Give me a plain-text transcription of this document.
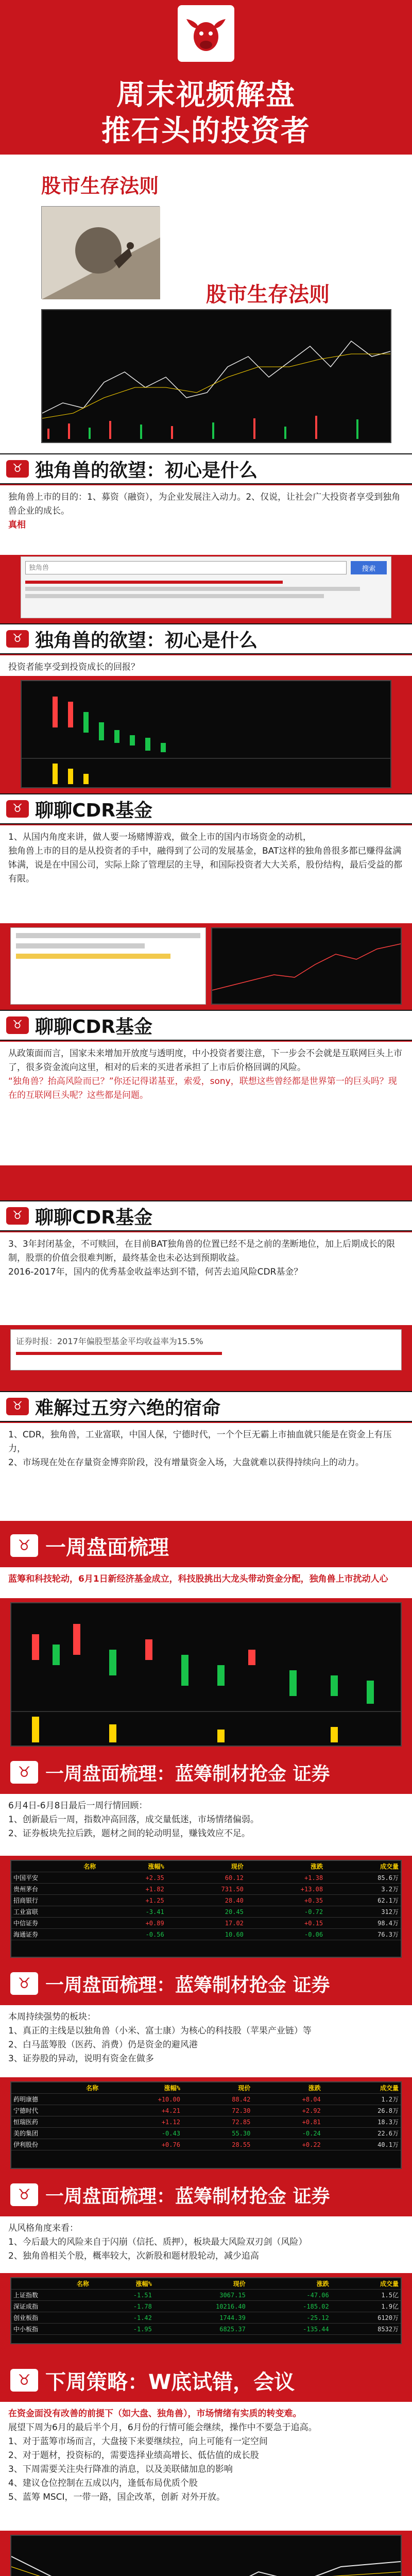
周末视频解盘
推石头的投资者
股市生存法则
股市生存法则
♉ 独角兽的欲望：初心是什么
独角兽上市的目的：1、募资（融资），为企业发展注入动力。2、仅说，让社会广大投资者享受到独角兽企业的成长。
真相
独角兽
搜索
♉ 独角兽的欲望：初心是什么
投资者能享受到投资成长的回报？
♉ 聊聊CDR基金
1、从国内角度来讲，做人要一场赌博游戏，做全上市的国内市场资金的动机，
独角兽上市的目的是从投资者的手中，融得到了公司的发展基金，BAT这样的独角兽很多都已赚得盆满钵满，说是在中国公司，实际上除了管理层的主导，和国际投资者大大关系，股份结构，最后受益的都有限。
♉ 聊聊CDR基金
从政策面而言，国家未来增加开放度与透明度，中小投资者要注意，下一步会不会就是互联网巨头上市了，很多资金流向这里，相对的后来的买进者承担了上市后价格回调的风险。
“独角兽？抬高风险而已？”你还记得诺基亚，索爱，sony，联想这些曾经都是世界第一的巨头吗？现在的互联网巨头呢？这些都是问题。
♉ 聊聊CDR基金
3、3年封闭基金，不可赎回，在目前BAT独角兽的位置已经不是之前的垄断地位，加上后期成长的限制，股票的价值会很难判断，最终基金也未必达到预期收益。
2016-2017年，国内的优秀基金收益率达到不错，何苦去追风险CDR基金？
证券时报：2017年偏股型基金平均收益率为15.5%
♉ 难解过五穷六绝的宿命
1、CDR，独角兽，工业富联，中国人保，宁德时代，一个个巨无霸上市抽血就只能是在资金上有压力，
2、市场现在处在存量资金博弈阶段，没有增量资金入场，大盘就难以获得持续向上的动力。
♉ 一周盘面梳理
蓝筹和科技轮动，6月1日新经济基金成立，科技股挑出大龙头带动资金分配，独角兽上市扰动人心
♉ 一周盘面梳理： 蓝筹制材抢金 证券
6月4日-6月8日最后一周行情回顾：
1、创新最后一周，指数冲高回落，成交量低迷，市场情绪偏弱。
2、证券板块先拉后跌，题材之间的轮动明显，赚钱效应不足。
名称	涨幅%	现价	涨跌	成交量
中国平安	+2.35	60.12	+1.38	85.6万
贵州茅台	+1.82	731.50	+13.08	3.2万
招商银行	+1.25	28.40	+0.35	62.1万
工业富联	-3.41	20.45	-0.72	312万
中信证券	+0.89	17.02	+0.15	98.4万
海通证券	-0.56	10.60	-0.06	76.3万
♉ 一周盘面梳理： 蓝筹制材抢金 证券
本周持续强势的板块：
1、真正的主线是以独角兽（小米、富士康）为核心的科技股（苹果产业链）等
2、白马蓝筹股（医药、消费）仍是资金的避风港
3、证券股的异动，说明有资金在做多
名称	涨幅%	现价	涨跌	成交量
药明康德	+10.00	88.42	+8.04	1.2万
宁德时代	+4.21	72.30	+2.92	26.8万
恒瑞医药	+1.12	72.85	+0.81	18.3万
美的集团	-0.43	55.30	-0.24	22.6万
伊利股份	+0.76	28.55	+0.22	40.1万
♉ 一周盘面梳理： 蓝筹制材抢金 证券
从风格角度来看：
1、今后最大的风险来自于闪崩（信托、质押），板块最大风险双刃剑（风险）
2、独角兽相关个股，概率较大，次新股和题材股轮动，减少追高
名称	涨幅%	现价	涨跌	成交量
上证指数	-1.51	3067.15	-47.06	1.5亿
深证成指	-1.78	10216.40	-185.02	1.9亿
创业板指	-1.42	1744.39	-25.12	6120万
中小板指	-1.95	6825.37	-135.44	8532万
♉ 下周策略： W底试错，会议
在资金面没有改善的前提下（如大盘、独角兽），市场情绪有实质的转变难。
展望下周为6月的最后半个月，6月份的行情可能会继续，操作中不要急于追高。
1、对于蓝筹市场而言，大盘接下来要继续拉，向上可能有一定空间
2、对于题材，投资标的，需要选择业绩高增长、低估值的成长股
3、下周需要关注央行降准的消息，以及美联储加息的影响
4、建议仓位控制在五成以内，逢低布局优质个股
5、蓝筹 MSCI，一带一路，国企改革，创新 对外开放。
